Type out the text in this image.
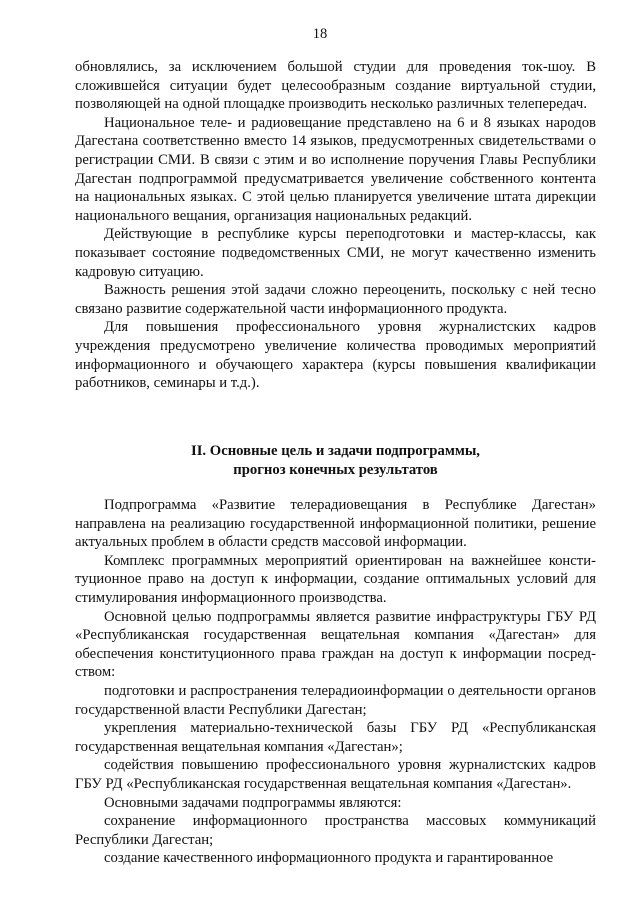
18

обновлялись, за исключением большой студии для проведения ток-шоу. В сложившейся ситуации будет целесообразным создание виртуальной студии, позволяющей на одной площадке производить несколько различных телепередач.

Национальное теле- и радиовещание представлено на 6 и 8 языках народов Дагестана соответственно вместо 14 языков, предусмотренных свидетельствами о регистрации СМИ. В связи с этим и во исполнение поручения Главы Республики Дагестан подпрограммой предусматривается увеличение собственного контента на национальных языках. С этой целью планируется увеличение штата дирекции национального вещания, организация национальных редакций.

Действующие в республике курсы переподготовки и мастер-классы, как показывает состояние подведомственных СМИ, не могут качественно изменить кадровую ситуацию.

Важность решения этой задачи сложно переоценить, поскольку с ней тесно связано развитие содержательной части информационного продукта.

Для повышения профессионального уровня журналистских кадров учреждения предусмотрено увеличение количества проводимых мероприятий информационного и обучающего характера (курсы повышения квалификации работников, семинары и т.д.).

II. Основные цель и задачи подпрограммы,
прогноз конечных результатов

Подпрограмма «Развитие телерадиовещания в Республике Дагестан» направлена на реализацию государственной информационной политики, решение актуальных проблем в области средств массовой информации.

Комплекс программных мероприятий ориентирован на важнейшее конституционное право на доступ к информации, создание оптимальных условий для стимулирования информационного производства.

Основной целью подпрограммы является развитие инфраструктуры ГБУ РД «Республиканская государственная вещательная компания «Дагестан» для обеспечения конституционного права граждан на доступ к информации посредством:

подготовки и распространения телерадиоинформации о деятельности органов государственной власти Республики Дагестан;

укрепления материально-технической базы ГБУ РД «Республиканская государственная вещательная компания «Дагестан»;

содействия повышению профессионального уровня журналистских кадров ГБУ РД «Республиканская государственная вещательная компания «Дагестан».

Основными задачами подпрограммы являются:

сохранение информационного пространства массовых коммуникаций Республики Дагестан;

создание качественного информационного продукта и гарантированное
